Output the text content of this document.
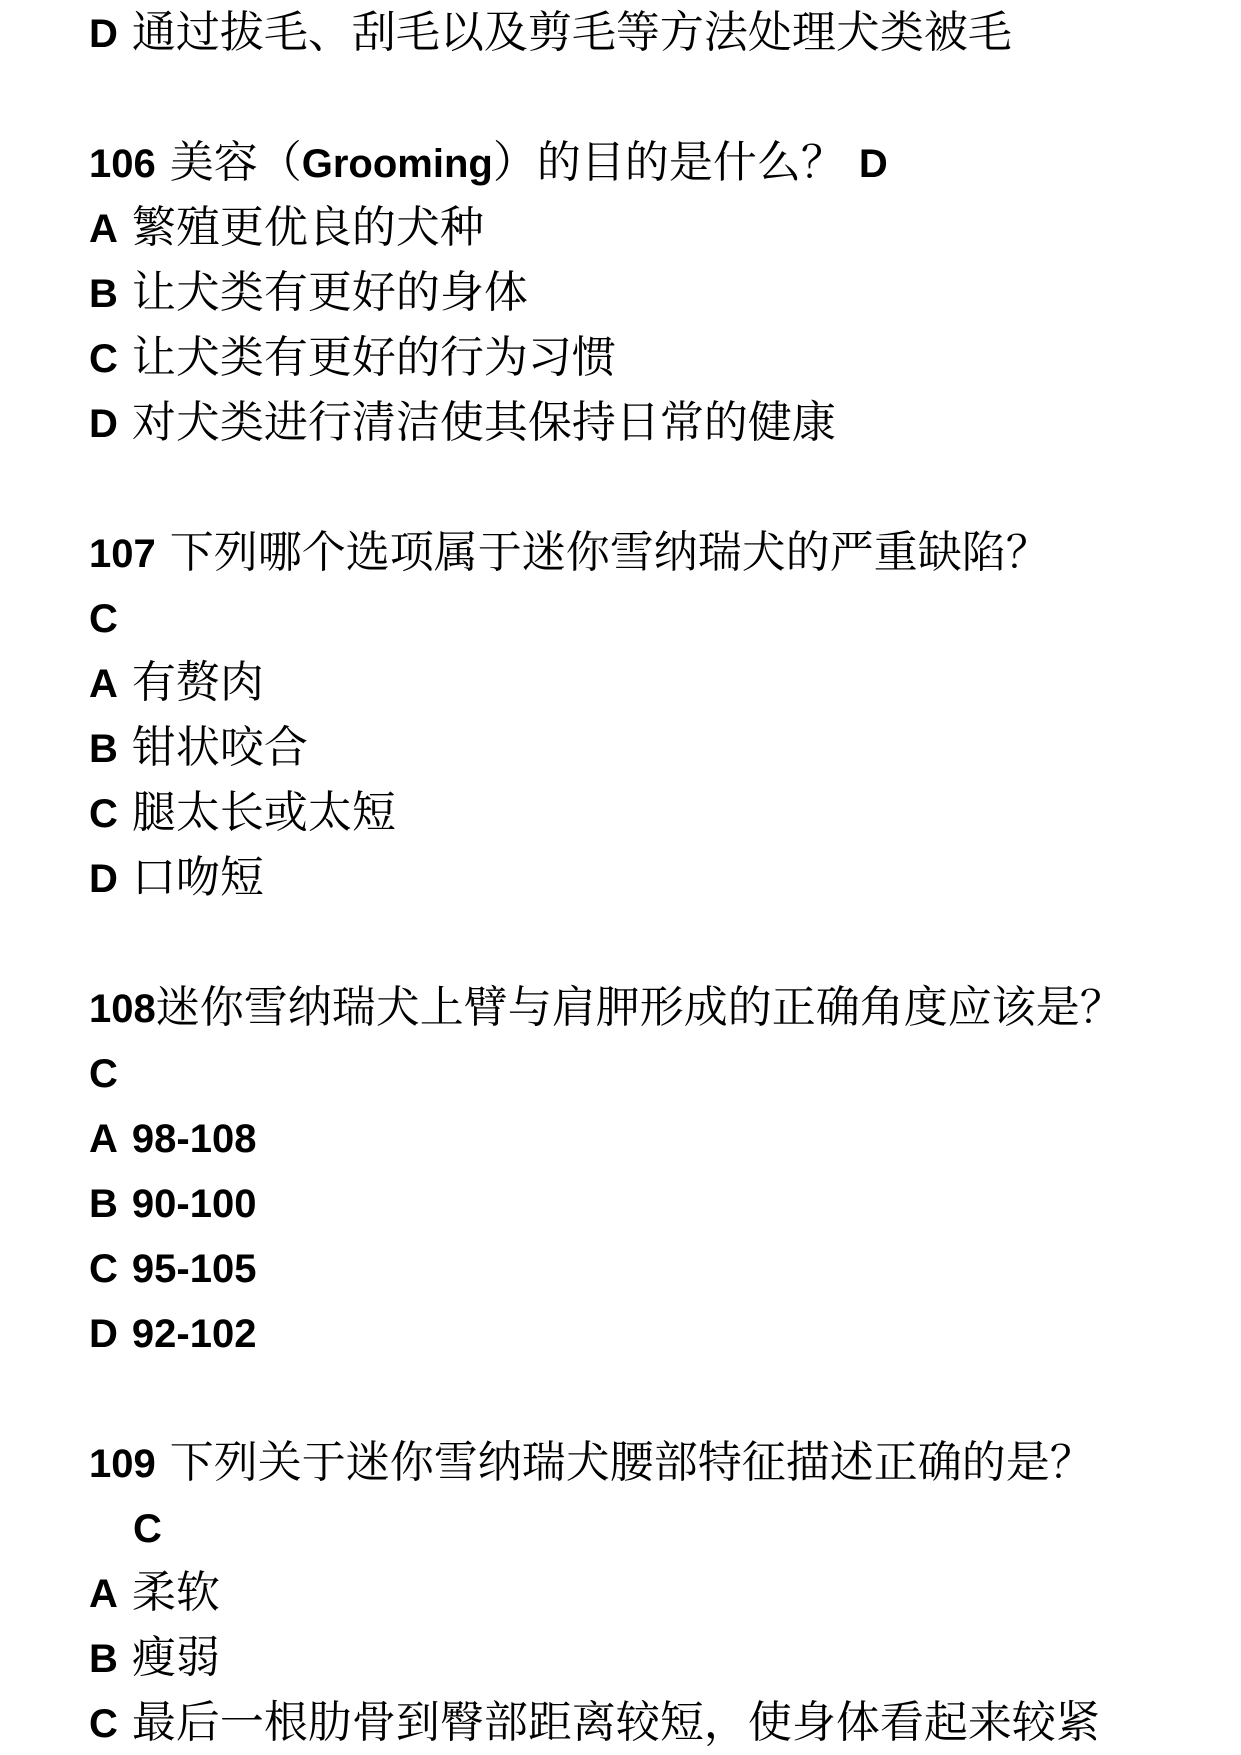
D 通过拔毛、刮毛以及剪毛等方法处理犬类被毛
106 美容（Grooming）的目的是什么？ D
A 繁殖更优良的犬种
B 让犬类有更好的身体
C 让犬类有更好的行为习惯
D 对犬类进行清洁使其保持日常的健康
107 下列哪个选项属于迷你雪纳瑞犬的严重缺陷？
C
A 有赘肉
B 钳状咬合
C 腿太长或太短
D 口吻短
108迷你雪纳瑞犬上臂与肩胛形成的正确角度应该是？
C
A 98-108
B 90-100
C 95-105
D 92-102
109 下列关于迷你雪纳瑞犬腰部特征描述正确的是？
C
A 柔软
B 瘦弱
C 最后一根肋骨到臀部距离较短，使身体看起来较紧
